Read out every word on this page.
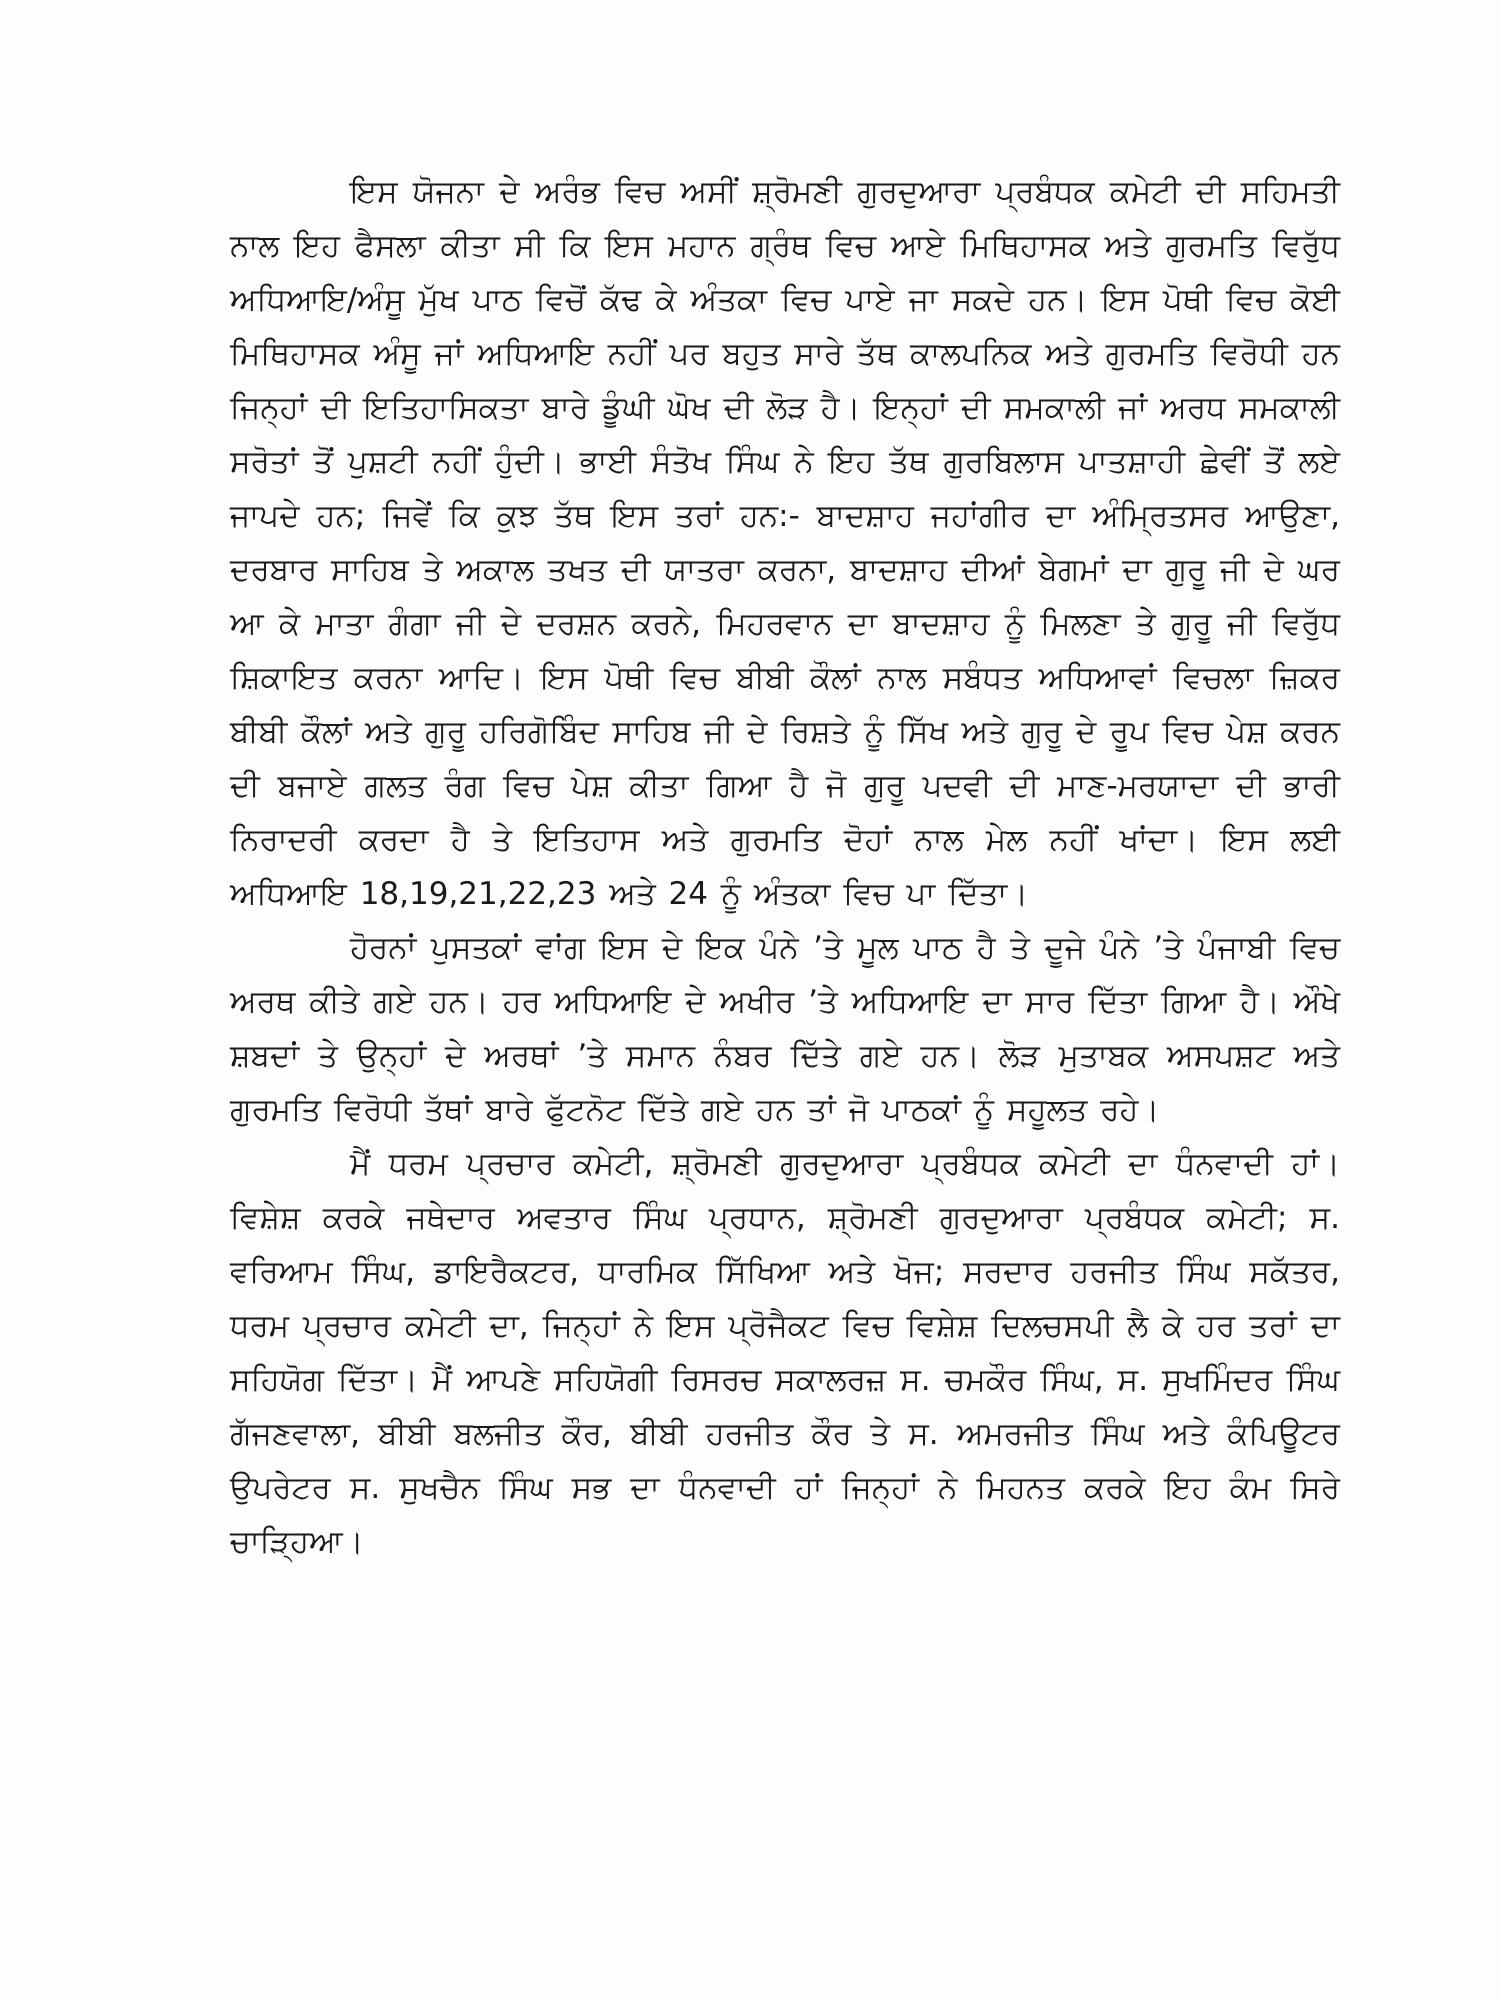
ਇਸ ਯੋਜਨਾ ਦੇ ਅਰੰਭ ਵਿਚ ਅਸੀਂ ਸ਼੍ਰੋਮਣੀ ਗੁਰਦੁਆਰਾ ਪ੍ਰਬੰਧਕ ਕਮੇਟੀ ਦੀ ਸਹਿਮਤੀ ਨਾਲ ਇਹ ਫੈਸਲਾ ਕੀਤਾ ਸੀ ਕਿ ਇਸ ਮਹਾਨ ਗ੍ਰੰਥ ਵਿਚ ਆਏ ਮਿਥਿਹਾਸਕ ਅਤੇ ਗੁਰਮਤਿ ਵਿਰੁੱਧ ਅਧਿਆਇ/ਅੰਸੂ ਮੁੱਖ ਪਾਠ ਵਿਚੋਂ ਕੱਢ ਕੇ ਅੰਤਕਾ ਵਿਚ ਪਾਏ ਜਾ ਸਕਦੇ ਹਨ। ਇਸ ਪੋਥੀ ਵਿਚ ਕੋਈ ਮਿਥਿਹਾਸਕ ਅੰਸੂ ਜਾਂ ਅਧਿਆਇ ਨਹੀਂ ਪਰ ਬਹੁਤ ਸਾਰੇ ਤੱਥ ਕਾਲਪਨਿਕ ਅਤੇ ਗੁਰਮਤਿ ਵਿਰੋਧੀ ਹਨ ਜਿਨ੍ਹਾਂ ਦੀ ਇਤਿਹਾਸਿਕਤਾ ਬਾਰੇ ਡੂੰਘੀ ਘੋਖ ਦੀ ਲੋੜ ਹੈ। ਇਨ੍ਹਾਂ ਦੀ ਸਮਕਾਲੀ ਜਾਂ ਅਰਧ ਸਮਕਾਲੀ ਸਰੋਤਾਂ ਤੋਂ ਪੁਸ਼ਟੀ ਨਹੀਂ ਹੁੰਦੀ। ਭਾਈ ਸੰਤੋਖ ਸਿੰਘ ਨੇ ਇਹ ਤੱਥ ਗੁਰਬਿਲਾਸ ਪਾਤਸ਼ਾਹੀ ਛੇਵੀਂ ਤੋਂ ਲਏ ਜਾਪਦੇ ਹਨ; ਜਿਵੇਂ ਕਿ ਕੁਝ ਤੱਥ ਇਸ ਤਰਾਂ ਹਨ:- ਬਾਦਸ਼ਾਹ ਜਹਾਂਗੀਰ ਦਾ ਅੰਮ੍ਰਿਤਸਰ ਆਉਣਾ, ਦਰਬਾਰ ਸਾਹਿਬ ਤੇ ਅਕਾਲ ਤਖਤ ਦੀ ਯਾਤਰਾ ਕਰਨਾ, ਬਾਦਸ਼ਾਹ ਦੀਆਂ ਬੇਗਮਾਂ ਦਾ ਗੁਰੂ ਜੀ ਦੇ ਘਰ ਆ ਕੇ ਮਾਤਾ ਗੰਗਾ ਜੀ ਦੇ ਦਰਸ਼ਨ ਕਰਨੇ, ਮਿਹਰਵਾਨ ਦਾ ਬਾਦਸ਼ਾਹ ਨੂੰ ਮਿਲਣਾ ਤੇ ਗੁਰੂ ਜੀ ਵਿਰੁੱਧ ਸ਼ਿਕਾਇਤ ਕਰਨਾ ਆਦਿ। ਇਸ ਪੋਥੀ ਵਿਚ ਬੀਬੀ ਕੌਲਾਂ ਨਾਲ ਸਬੰਧਤ ਅਧਿਆਵਾਂ ਵਿਚਲਾ ਜ਼ਿਕਰ ਬੀਬੀ ਕੌਲਾਂ ਅਤੇ ਗੁਰੂ ਹਰਿਗੋਬਿੰਦ ਸਾਹਿਬ ਜੀ ਦੇ ਰਿਸ਼ਤੇ ਨੂੰ ਸਿੱਖ ਅਤੇ ਗੁਰੂ ਦੇ ਰੂਪ ਵਿਚ ਪੇਸ਼ ਕਰਨ ਦੀ ਬਜਾਏ ਗਲਤ ਰੰਗ ਵਿਚ ਪੇਸ਼ ਕੀਤਾ ਗਿਆ ਹੈ ਜੋ ਗੁਰੂ ਪਦਵੀ ਦੀ ਮਾਣ-ਮਰਯਾਦਾ ਦੀ ਭਾਰੀ ਨਿਰਾਦਰੀ ਕਰਦਾ ਹੈ ਤੇ ਇਤਿਹਾਸ ਅਤੇ ਗੁਰਮਤਿ ਦੋਹਾਂ ਨਾਲ ਮੇਲ ਨਹੀਂ ਖਾਂਦਾ। ਇਸ ਲਈ ਅਧਿਆਇ 18,19,21,22,23 ਅਤੇ 24 ਨੂੰ ਅੰਤਕਾ ਵਿਚ ਪਾ ਦਿੱਤਾ।

ਹੋਰਨਾਂ ਪੁਸਤਕਾਂ ਵਾਂਗ ਇਸ ਦੇ ਇਕ ਪੰਨੇ ’ਤੇ ਮੂਲ ਪਾਠ ਹੈ ਤੇ ਦੂਜੇ ਪੰਨੇ ’ਤੇ ਪੰਜਾਬੀ ਵਿਚ ਅਰਥ ਕੀਤੇ ਗਏ ਹਨ। ਹਰ ਅਧਿਆਇ ਦੇ ਅਖੀਰ ’ਤੇ ਅਧਿਆਇ ਦਾ ਸਾਰ ਦਿੱਤਾ ਗਿਆ ਹੈ। ਔਖੇ ਸ਼ਬਦਾਂ ਤੇ ਉਨ੍ਹਾਂ ਦੇ ਅਰਥਾਂ ’ਤੇ ਸਮਾਨ ਨੰਬਰ ਦਿੱਤੇ ਗਏ ਹਨ। ਲੋੜ ਮੁਤਾਬਕ ਅਸਪਸ਼ਟ ਅਤੇ ਗੁਰਮਤਿ ਵਿਰੋਧੀ ਤੱਥਾਂ ਬਾਰੇ ਫੁੱਟਨੋਟ ਦਿੱਤੇ ਗਏ ਹਨ ਤਾਂ ਜੋ ਪਾਠਕਾਂ ਨੂੰ ਸਹੂਲਤ ਰਹੇ।

ਮੈਂ ਧਰਮ ਪ੍ਰਚਾਰ ਕਮੇਟੀ, ਸ਼੍ਰੋਮਣੀ ਗੁਰਦੁਆਰਾ ਪ੍ਰਬੰਧਕ ਕਮੇਟੀ ਦਾ ਧੰਨਵਾਦੀ ਹਾਂ। ਵਿਸ਼ੇਸ਼ ਕਰਕੇ ਜਥੇਦਾਰ ਅਵਤਾਰ ਸਿੰਘ ਪ੍ਰਧਾਨ, ਸ਼੍ਰੋਮਣੀ ਗੁਰਦੁਆਰਾ ਪ੍ਰਬੰਧਕ ਕਮੇਟੀ; ਸ. ਵਰਿਆਮ ਸਿੰਘ, ਡਾਇਰੈਕਟਰ, ਧਾਰਮਿਕ ਸਿੱਖਿਆ ਅਤੇ ਖੋਜ; ਸਰਦਾਰ ਹਰਜੀਤ ਸਿੰਘ ਸਕੱਤਰ, ਧਰਮ ਪ੍ਰਚਾਰ ਕਮੇਟੀ ਦਾ, ਜਿਨ੍ਹਾਂ ਨੇ ਇਸ ਪ੍ਰੋਜੈਕਟ ਵਿਚ ਵਿਸ਼ੇਸ਼ ਦਿਲਚਸਪੀ ਲੈ ਕੇ ਹਰ ਤਰਾਂ ਦਾ ਸਹਿਯੋਗ ਦਿੱਤਾ। ਮੈਂ ਆਪਣੇ ਸਹਿਯੋਗੀ ਰਿਸਰਚ ਸਕਾਲਰਜ਼ ਸ. ਚਮਕੌਰ ਸਿੰਘ, ਸ. ਸੁਖਮਿੰਦਰ ਸਿੰਘ ਗੱਜਣਵਾਲਾ, ਬੀਬੀ ਬਲਜੀਤ ਕੌਰ, ਬੀਬੀ ਹਰਜੀਤ ਕੌਰ ਤੇ ਸ. ਅਮਰਜੀਤ ਸਿੰਘ ਅਤੇ ਕੰਪਿਊਟਰ ਉਪਰੇਟਰ ਸ. ਸੁਖਚੈਨ ਸਿੰਘ ਸਭ ਦਾ ਧੰਨਵਾਦੀ ਹਾਂ ਜਿਨ੍ਹਾਂ ਨੇ ਮਿਹਨਤ ਕਰਕੇ ਇਹ ਕੰਮ ਸਿਰੇ ਚਾੜ੍ਹਿਆ।
